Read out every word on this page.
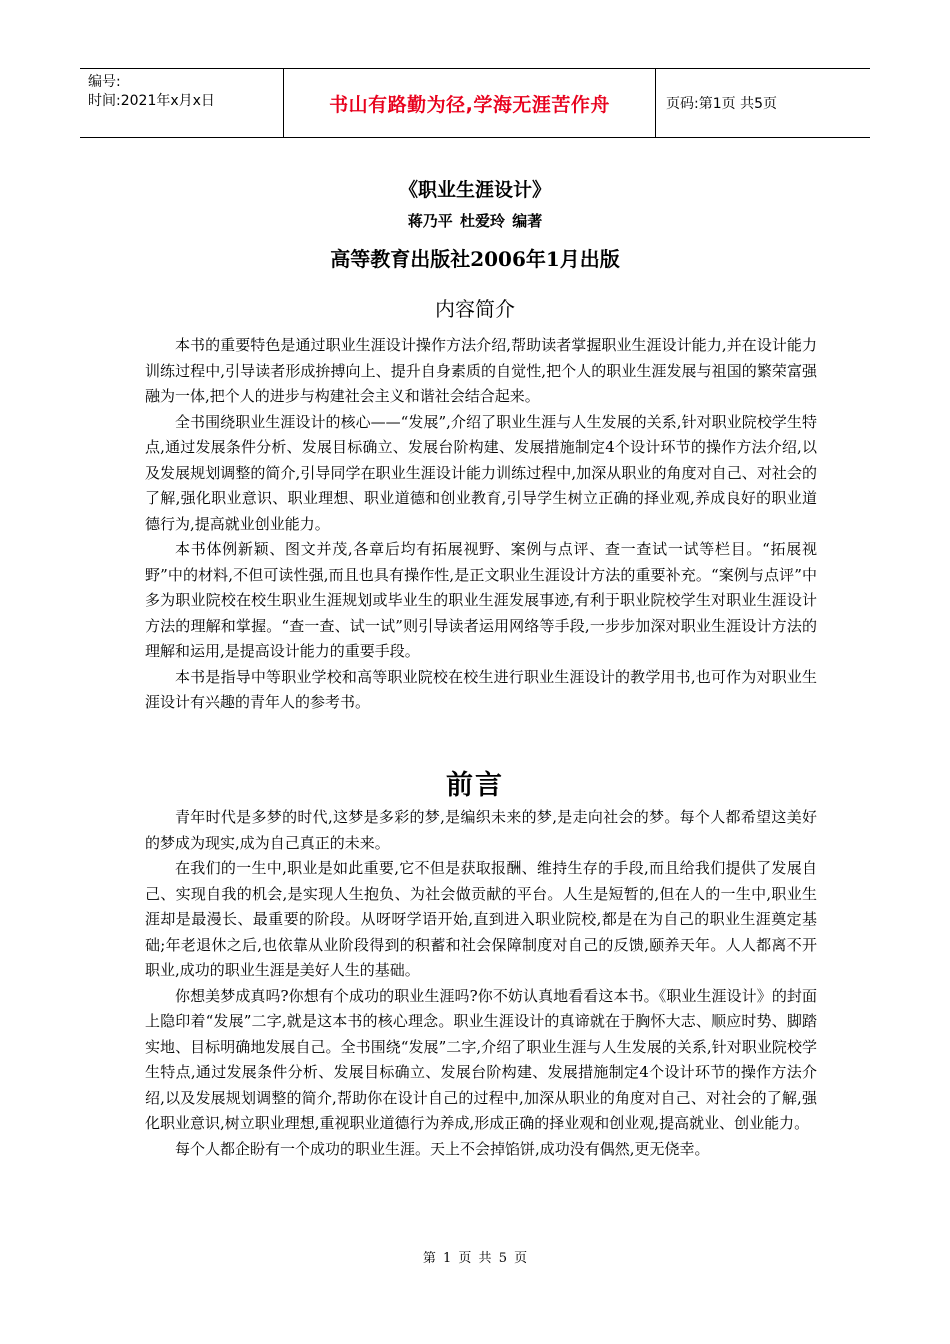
编号:
时间:2021年x月x日	书山有路勤为径,学海无涯苦作舟	页码:第1页 共5页
《职业生涯设计》
蒋乃平 杜爱玲 编著
高等教育出版社2006年1月出版
内容简介

本书的重要特色是通过职业生涯设计操作方法介绍,帮助读者掌握职业生涯设计能力,并在设计能力训练过程中,引导读者形成拚搏向上、提升自身素质的自觉性,把个人的职业生涯发展与祖国的繁荣富强融为一体,把个人的进步与构建社会主义和谐社会结合起来。

全书围绕职业生涯设计的核心——“发展”,介绍了职业生涯与人生发展的关系,针对职业院校学生特点,通过发展条件分析、发展目标确立、发展台阶构建、发展措施制定4个设计环节的操作方法介绍,以及发展规划调整的简介,引导同学在职业生涯设计能力训练过程中,加深从职业的角度对自己、对社会的了解,强化职业意识、职业理想、职业道德和创业教育,引导学生树立正确的择业观,养成良好的职业道德行为,提高就业创业能力。

本书体例新颖、图文并茂,各章后均有拓展视野、案例与点评、查一查试一试等栏目。“拓展视野”中的材料,不但可读性强,而且也具有操作性,是正文职业生涯设计方法的重要补充。“案例与点评”中多为职业院校在校生职业生涯规划或毕业生的职业生涯发展事迹,有利于职业院校学生对职业生涯设计方法的理解和掌握。“查一查、试一试”则引导读者运用网络等手段,一步步加深对职业生涯设计方法的理解和运用,是提高设计能力的重要手段。

本书是指导中等职业学校和高等职业院校在校生进行职业生涯设计的教学用书,也可作为对职业生涯设计有兴趣的青年人的参考书。

前言

青年时代是多梦的时代,这梦是多彩的梦,是编织未来的梦,是走向社会的梦。每个人都希望这美好的梦成为现实,成为自己真正的未来。

在我们的一生中,职业是如此重要,它不但是获取报酬、维持生存的手段,而且给我们提供了发展自己、实现自我的机会,是实现人生抱负、为社会做贡献的平台。人生是短暂的,但在人的一生中,职业生涯却是最漫长、最重要的阶段。从呀呀学语开始,直到进入职业院校,都是在为自己的职业生涯奠定基础;年老退休之后,也依靠从业阶段得到的积蓄和社会保障制度对自己的反馈,颐养天年。人人都离不开职业,成功的职业生涯是美好人生的基础。

你想美梦成真吗?你想有个成功的职业生涯吗?你不妨认真地看看这本书。《职业生涯设计》的封面上隐印着“发展”二字,就是这本书的核心理念。职业生涯设计的真谛就在于胸怀大志、顺应时势、脚踏实地、目标明确地发展自己。全书围绕“发展”二字,介绍了职业生涯与人生发展的关系,针对职业院校学生特点,通过发展条件分析、发展目标确立、发展台阶构建、发展措施制定4个设计环节的操作方法介绍,以及发展规划调整的简介,帮助你在设计自己的过程中,加深从职业的角度对自己、对社会的了解,强化职业意识,树立职业理想,重视职业道德行为养成,形成正确的择业观和创业观,提高就业、创业能力。

每个人都企盼有一个成功的职业生涯。天上不会掉馅饼,成功没有偶然,更无侥幸。

第 1 页 共 5 页
